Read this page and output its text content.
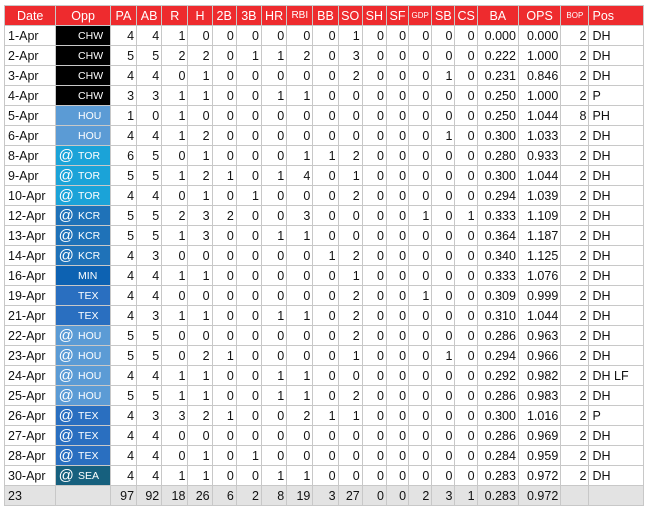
Date	Opp		PA	AB	R	H	2B	3B	HR	RBI	BB	SO	SH	SF	GDP	SB	CS	BA	OPS	BOP	Pos
1-Apr		CHW	4	4	1	0	0	0	0	0	0	1	0	0	0	0	0	0.000	0.000	2	DH
2-Apr		CHW	5	5	2	2	0	1	1	2	0	3	0	0	0	0	0	0.222	1.000	2	DH
3-Apr		CHW	4	4	0	1	0	0	0	0	0	2	0	0	0	1	0	0.231	0.846	2	DH
4-Apr		CHW	3	3	1	1	0	0	1	1	0	0	0	0	0	0	0	0.250	1.000	2	P
5-Apr		HOU	1	0	1	0	0	0	0	0	0	0	0	0	0	0	0	0.250	1.044	8	PH
6-Apr		HOU	4	4	1	2	0	0	0	0	0	0	0	0	0	1	0	0.300	1.033	2	DH
8-Apr	@	TOR	6	5	0	1	0	0	0	1	1	2	0	0	0	0	0	0.280	0.933	2	DH
9-Apr	@	TOR	5	5	1	2	1	0	1	4	0	1	0	0	0	0	0	0.300	1.044	2	DH
10-Apr	@	TOR	4	4	0	1	0	1	0	0	0	2	0	0	0	0	0	0.294	1.039	2	DH
12-Apr	@	KCR	5	5	2	3	2	0	0	3	0	0	0	0	1	0	1	0.333	1.109	2	DH
13-Apr	@	KCR	5	5	1	3	0	0	1	1	0	0	0	0	0	0	0	0.364	1.187	2	DH
14-Apr	@	KCR	4	3	0	0	0	0	0	0	1	2	0	0	0	0	0	0.340	1.125	2	DH
16-Apr		MIN	4	4	1	1	0	0	0	0	0	1	0	0	0	0	0	0.333	1.076	2	DH
19-Apr		TEX	4	4	0	0	0	0	0	0	0	2	0	0	1	0	0	0.309	0.999	2	DH
21-Apr		TEX	4	3	1	1	0	0	1	1	0	2	0	0	0	0	0	0.310	1.044	2	DH
22-Apr	@	HOU	5	5	0	0	0	0	0	0	0	2	0	0	0	0	0	0.286	0.963	2	DH
23-Apr	@	HOU	5	5	0	2	1	0	0	0	0	1	0	0	0	1	0	0.294	0.966	2	DH
24-Apr	@	HOU	4	4	1	1	0	0	1	1	0	0	0	0	0	0	0	0.292	0.982	2	DH LF
25-Apr	@	HOU	5	5	1	1	0	0	1	1	0	2	0	0	0	0	0	0.286	0.983	2	DH
26-Apr	@	TEX	4	3	3	2	1	0	0	2	1	1	0	0	0	0	0	0.300	1.016	2	P
27-Apr	@	TEX	4	4	0	0	0	0	0	0	0	0	0	0	0	0	0	0.286	0.969	2	DH
28-Apr	@	TEX	4	4	0	1	0	1	0	0	0	0	0	0	0	0	0	0.284	0.959	2	DH
30-Apr	@	SEA	4	4	1	1	0	0	1	1	0	0	0	0	0	0	0	0.283	0.972	2	DH
23			97	92	18	26	6	2	8	19	3	27	0	0	2	3	1	0.283	0.972		
